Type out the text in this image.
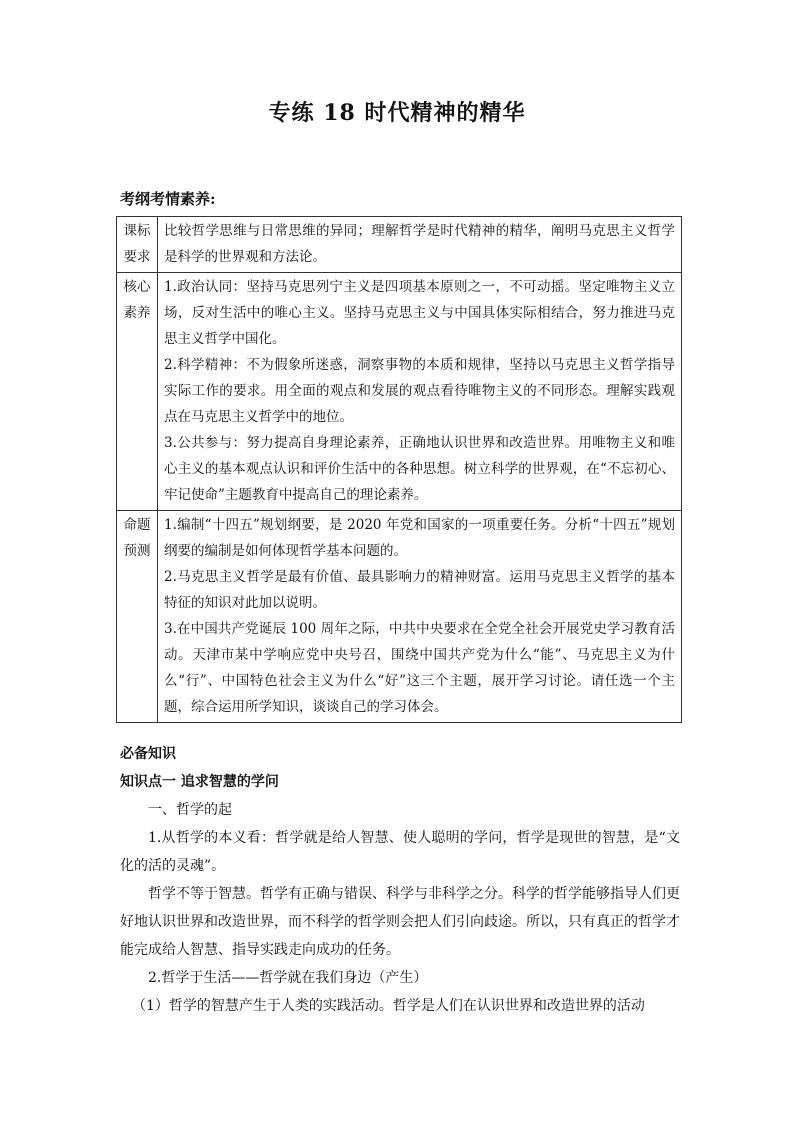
专练 18 时代精神的精华

考纲考情素养:

课标要求	比较哲学思维与日常思维的异同；理解哲学是时代精神的精华，阐明马克思主义哲学是科学的世界观和方法论。

核心素养	1.政治认同：坚持马克思列宁主义是四项基本原则之一，不可动摇。坚定唯物主义立场，反对生活中的唯心主义。坚持马克思主义与中国具体实际相结合，努力推进马克思主义哲学中国化。

2.科学精神：不为假象所迷惑，洞察事物的本质和规律，坚持以马克思主义哲学指导实际工作的要求。用全面的观点和发展的观点看待唯物主义的不同形态。理解实践观点在马克思主义哲学中的地位。

3.公共参与：努力提高自身理论素养，正确地认识世界和改造世界。用唯物主义和唯心主义的基本观点认识和评价生活中的各种思想。树立科学的世界观，在“不忘初心、牢记使命”主题教育中提高自己的理论素养。

命题预测	1.编制“十四五”规划纲要，是 2020 年党和国家的一项重要任务。分析“十四五”规划纲要的编制是如何体现哲学基本问题的。

2.马克思主义哲学是最有价值、最具影响力的精神财富。运用马克思主义哲学的基本特征的知识对此加以说明。

3.在中国共产党诞辰 100 周年之际，中共中央要求在全党全社会开展党史学习教育活动。天津市某中学响应党中央号召，围绕中国共产党为什么“能”、马克思主义为什么“行”、中国特色社会主义为什么“好”这三个主题，展开学习讨论。请任选一个主题，综合运用所学知识，谈谈自己的学习体会。

必备知识

知识点一 追求智慧的学问

一、哲学的起

1.从哲学的本义看：哲学就是给人智慧、使人聪明的学问，哲学是现世的智慧，是“文化的活的灵魂”。

哲学不等于智慧。哲学有正确与错误、科学与非科学之分。科学的哲学能够指导人们更好地认识世界和改造世界，而不科学的哲学则会把人们引向歧途。所以，只有真正的哲学才能完成给人智慧、指导实践走向成功的任务。

2.哲学于生活——哲学就在我们身边（产生）

（1）哲学的智慧产生于人类的实践活动。哲学是人们在认识世界和改造世界的活动
